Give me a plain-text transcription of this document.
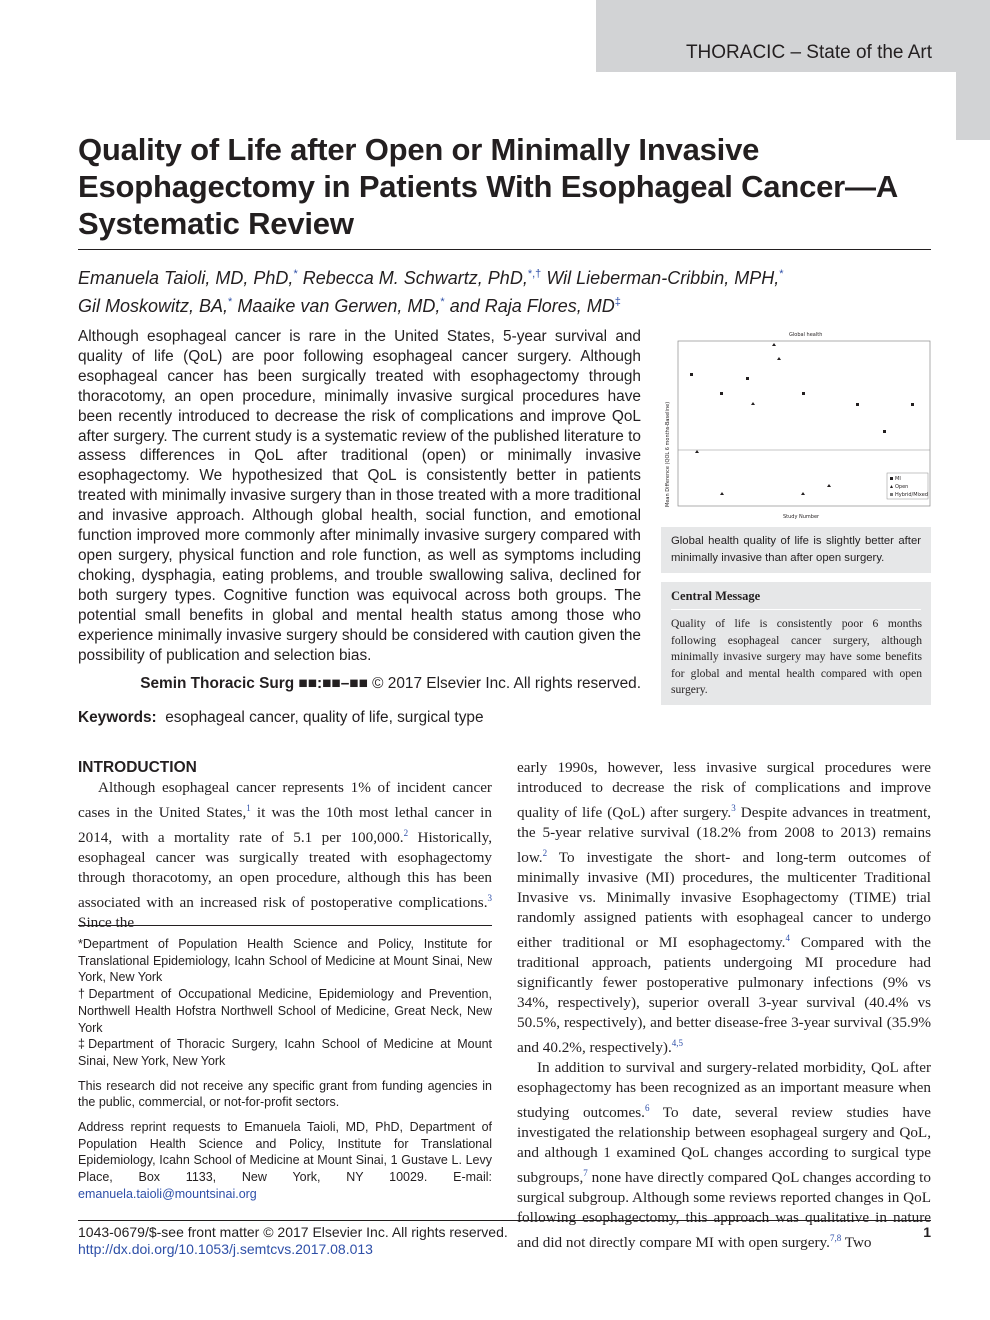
THORACIC – State of the Art
Quality of Life after Open or Minimally Invasive Esophagectomy in Patients With Esophageal Cancer—A Systematic Review
Emanuela Taioli, MD, PhD,* Rebecca M. Schwartz, PhD,*,† Wil Lieberman-Cribbin, MPH,*
Gil Moskowitz, BA,* Maaike van Gerwen, MD,* and Raja Flores, MD‡

Although esophageal cancer is rare in the United States, 5-year survival and quality of life (QoL) are poor following esophageal cancer surgery. Although esophageal cancer has been surgically treated with esophagectomy through thoracotomy, an open procedure, minimally invasive surgical procedures have been recently introduced to decrease the risk of complications and improve QoL after surgery. The current study is a systematic review of the published literature to assess differences in QoL after traditional (open) or minimally invasive esophagectomy. We hypothesized that QoL is consistently better in patients treated with minimally invasive surgery than in those treated with a more traditional and invasive approach. Although global health, social function, and emotional function improved more commonly after minimally invasive surgery compared with open surgery, physical function and role function, as well as symptoms including choking, dysphagia, eating problems, and trouble swallowing saliva, declined for both surgery types. Cognitive function was equivocal across both groups. The potential small benefits in global and mental health status among those who experience minimally invasive surgery should be considered with caution given the possibility of publication and selection bias.

Semin Thoracic Surg ■■:■■–■■ © 2017 Elsevier Inc. All rights reserved.
Keywords: esophageal cancer, quality of life, surgical type
Global health
Study Number
Mean Difference (QOL 6 months-Baseline)	MI
Open
Hybrid/Mixed
Global health quality of life is slightly better after minimally invasive than after open surgery.
Central Message
Quality of life is consistently poor 6 months following esophageal cancer surgery, although minimally invasive surgery may have some benefits for global and mental health compared with open surgery.
INTRODUCTION

Although esophageal cancer represents 1% of incident cancer cases in the United States,$^1$ it was the 10th most lethal cancer in 2014, with a mortality rate of 5.1 per 100,000.$^2$ Historically, esophageal cancer was surgically treated with esophagectomy through thoracotomy, an open procedure, although this has been associated with an increased risk of postoperative complications.$^3$ Since the

early 1990s, however, less invasive surgical procedures were introduced to decrease the risk of complications and improve quality of life (QoL) after surgery.$^3$ Despite advances in treatment, the 5-year relative survival (18.2% from 2008 to 2013) remains low.$^2$ To investigate the short- and long-term outcomes of minimally invasive (MI) procedures, the multicenter Traditional Invasive vs. Minimally invasive Esophagectomy (TIME) trial randomly assigned patients with esophageal cancer to undergo either traditional or MI esophagectomy.$^4$ Compared with the traditional approach, patients undergoing MI procedure had significantly fewer postoperative pulmonary infections (9% vs 34%, respectively), superior overall 3-year survival (40.4% vs 50.5%, respectively), and better disease-free 3-year survival (35.9% and 40.2%, respectively).$^{4,5}$

In addition to survival and surgery-related morbidity, QoL after esophagectomy has been recognized as an important measure when studying outcomes.$^6$ To date, several review studies have investigated the relationship between esophageal surgery and QoL, and although 1 examined QoL changes according to surgical type subgroups,$^7$ none have directly compared QoL changes according to surgical subgroup. Although some reviews reported changes in QoL following esophagectomy, this approach was qualitative in nature and did not directly compare MI with open surgery.$^{7,8}$ Two

*Department of Population Health Science and Policy, Institute for Translational Epidemiology, Icahn School of Medicine at Mount Sinai, New York, New York

†Department of Occupational Medicine, Epidemiology and Prevention, Northwell Health Hofstra Northwell School of Medicine, Great Neck, New York

‡Department of Thoracic Surgery, Icahn School of Medicine at Mount Sinai, New York, New York

This research did not receive any specific grant from funding agencies in the public, commercial, or not-for-profit sectors.

Address reprint requests to Emanuela Taioli, MD, PhD, Department of Population Health Science and Policy, Institute for Translational Epidemiology, Icahn School of Medicine at Mount Sinai, 1 Gustave L. Levy Place, Box 1133, New York, NY 10029. E-mail: emanuela.taioli@mountsinai.org

1043-0679/$-see front matter © 2017 Elsevier Inc. All rights reserved.
http://dx.doi.org/10.1053/j.semtcvs.2017.08.013
1
